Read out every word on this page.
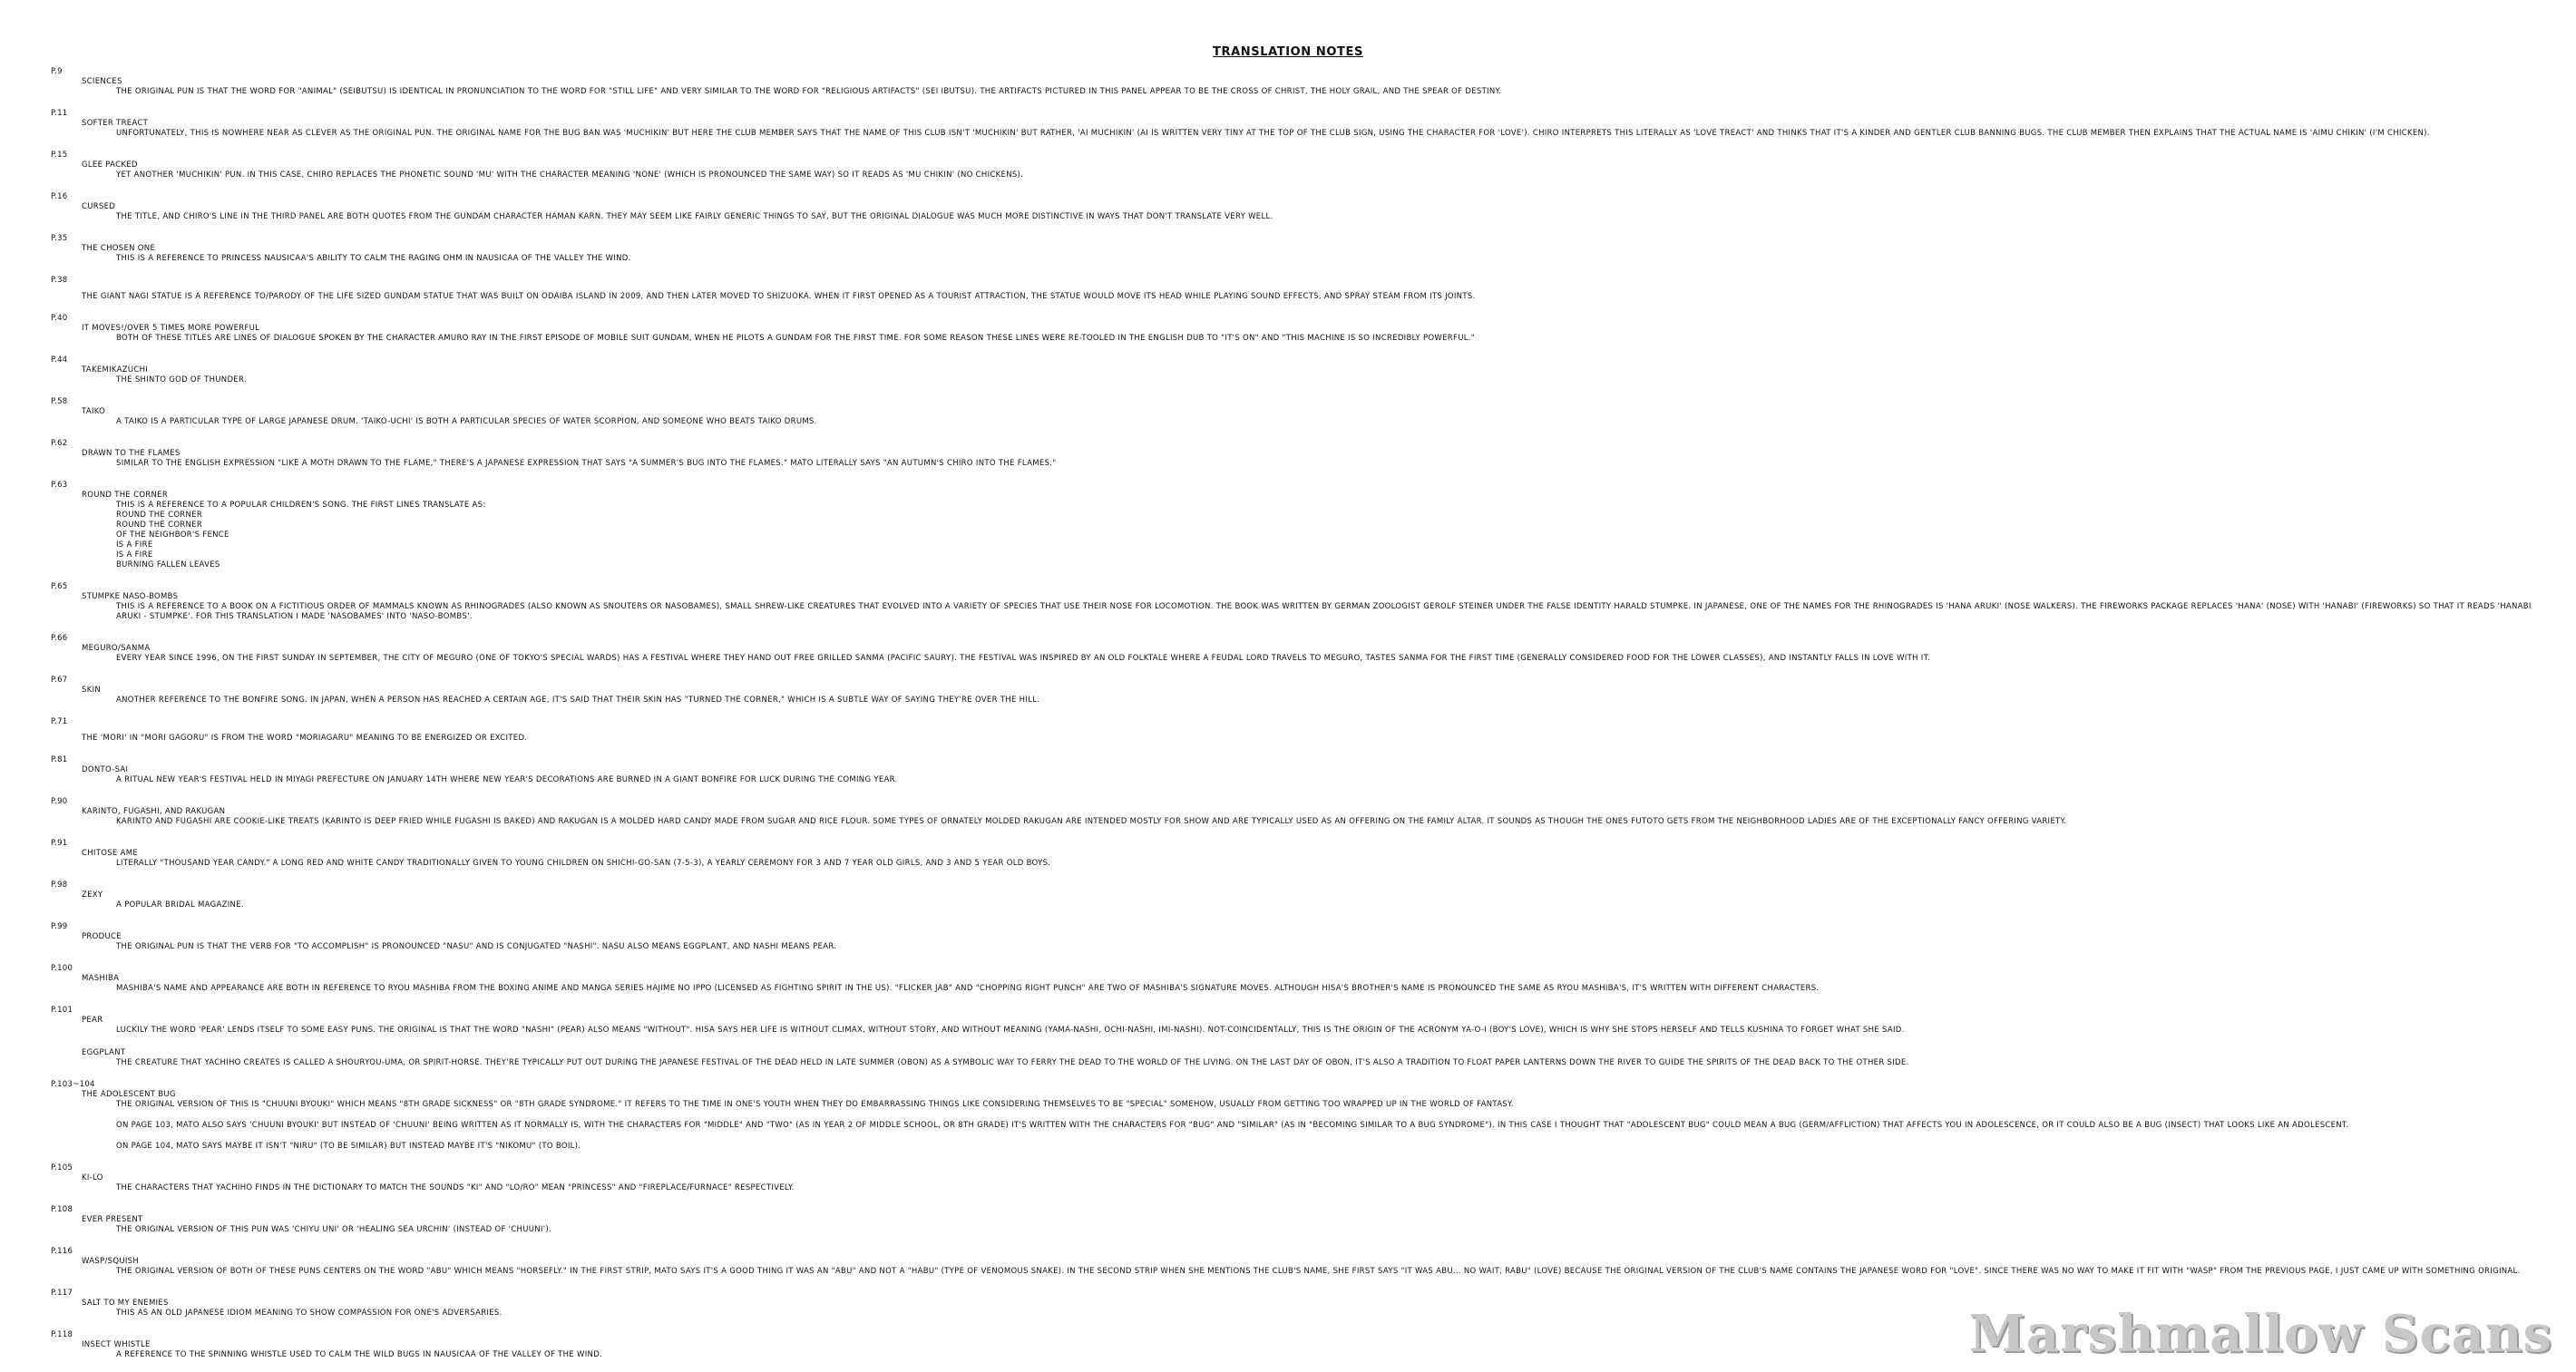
TRANSLATION NOTES
P.9
SCIENCES
THE ORIGINAL PUN IS THAT THE WORD FOR "ANIMAL" (SEIBUTSU) IS IDENTICAL IN PRONUNCIATION TO THE WORD FOR "STILL LIFE" AND VERY SIMILAR TO THE WORD FOR "RELIGIOUS ARTIFACTS" (SEI IBUTSU). THE ARTIFACTS PICTURED IN THIS PANEL APPEAR TO BE THE CROSS OF CHRIST, THE HOLY GRAIL, AND THE SPEAR OF DESTINY.
P.11
SOFTER TREACT
UNFORTUNATELY, THIS IS NOWHERE NEAR AS CLEVER AS THE ORIGINAL PUN. THE ORIGINAL NAME FOR THE BUG BAN WAS 'MUCHIKIN' BUT HERE THE CLUB MEMBER SAYS THAT THE NAME OF THIS CLUB ISN'T 'MUCHIKIN' BUT RATHER, 'AI MUCHIKIN' (AI IS WRITTEN VERY TINY AT THE TOP OF THE CLUB SIGN, USING THE CHARACTER FOR 'LOVE'). CHIRO INTERPRETS THIS LITERALLY AS 'LOVE TREACT' AND THINKS THAT IT'S A KINDER AND GENTLER CLUB BANNING BUGS. THE CLUB MEMBER THEN EXPLAINS THAT THE ACTUAL NAME IS 'AIMU CHIKIN' (I'M CHICKEN).
P.15
GLEE PACKED
YET ANOTHER 'MUCHIKIN' PUN. IN THIS CASE, CHIRO REPLACES THE PHONETIC SOUND 'MU' WITH THE CHARACTER MEANING 'NONE' (WHICH IS PRONOUNCED THE SAME WAY) SO IT READS AS 'MU CHIKIN' (NO CHICKENS).
P.16
CURSED
THE TITLE, AND CHIRO'S LINE IN THE THIRD PANEL ARE BOTH QUOTES FROM THE GUNDAM CHARACTER HAMAN KARN. THEY MAY SEEM LIKE FAIRLY GENERIC THINGS TO SAY, BUT THE ORIGINAL DIALOGUE WAS MUCH MORE DISTINCTIVE IN WAYS THAT DON'T TRANSLATE VERY WELL.
P.35
THE CHOSEN ONE
THIS IS A REFERENCE TO PRINCESS NAUSICAA'S ABILITY TO CALM THE RAGING OHM IN NAUSICAA OF THE VALLEY THE WIND.
P.38
THE GIANT NAGI STATUE IS A REFERENCE TO/PARODY OF THE LIFE SIZED GUNDAM STATUE THAT WAS BUILT ON ODAIBA ISLAND IN 2009, AND THEN LATER MOVED TO SHIZUOKA. WHEN IT FIRST OPENED AS A TOURIST ATTRACTION, THE STATUE WOULD MOVE ITS HEAD WHILE PLAYING SOUND EFFECTS, AND SPRAY STEAM FROM ITS JOINTS.
P.40
IT MOVES!/OVER 5 TIMES MORE POWERFUL
BOTH OF THESE TITLES ARE LINES OF DIALOGUE SPOKEN BY THE CHARACTER AMURO RAY IN THE FIRST EPISODE OF MOBILE SUIT GUNDAM, WHEN HE PILOTS A GUNDAM FOR THE FIRST TIME. FOR SOME REASON THESE LINES WERE RE-TOOLED IN THE ENGLISH DUB TO "IT'S ON" AND "THIS MACHINE IS SO INCREDIBLY POWERFUL."
P.44
TAKEMIKAZUCHI
THE SHINTO GOD OF THUNDER.
P.58
TAIKO
A TAIKO IS A PARTICULAR TYPE OF LARGE JAPANESE DRUM. 'TAIKO-UCHI' IS BOTH A PARTICULAR SPECIES OF WATER SCORPION, AND SOMEONE WHO BEATS TAIKO DRUMS.
P.62
DRAWN TO THE FLAMES
SIMILAR TO THE ENGLISH EXPRESSION "LIKE A MOTH DRAWN TO THE FLAME," THERE'S A JAPANESE EXPRESSION THAT SAYS "A SUMMER'S BUG INTO THE FLAMES." MATO LITERALLY SAYS "AN AUTUMN'S CHIRO INTO THE FLAMES."
P.63
ROUND THE CORNER
THIS IS A REFERENCE TO A POPULAR CHILDREN'S SONG. THE FIRST LINES TRANSLATE AS:
ROUND THE CORNER
ROUND THE CORNER
OF THE NEIGHBOR'S FENCE
IS A FIRE
IS A FIRE
BURNING FALLEN LEAVES
P.65
STUMPKE NASO-BOMBS
THIS IS A REFERENCE TO A BOOK ON A FICTITIOUS ORDER OF MAMMALS KNOWN AS RHINOGRADES (ALSO KNOWN AS SNOUTERS OR NASOBAMES), SMALL SHREW-LIKE CREATURES THAT EVOLVED INTO A VARIETY OF SPECIES THAT USE THEIR NOSE FOR LOCOMOTION. THE BOOK WAS WRITTEN BY GERMAN ZOOLOGIST GEROLF STEINER UNDER THE FALSE IDENTITY HARALD STUMPKE. IN JAPANESE, ONE OF THE NAMES FOR THE RHINOGRADES IS 'HANA ARUKI' (NOSE WALKERS). THE FIREWORKS PACKAGE REPLACES 'HANA' (NOSE) WITH 'HANABI' (FIREWORKS) SO THAT IT READS 'HANABI ARUKI - STUMPKE'. FOR THIS TRANSLATION I MADE 'NASOBAMES' INTO 'NASO-BOMBS'.
P.66
MEGURO/SANMA
EVERY YEAR SINCE 1996, ON THE FIRST SUNDAY IN SEPTEMBER, THE CITY OF MEGURO (ONE OF TOKYO'S SPECIAL WARDS) HAS A FESTIVAL WHERE THEY HAND OUT FREE GRILLED SANMA (PACIFIC SAURY). THE FESTIVAL WAS INSPIRED BY AN OLD FOLKTALE WHERE A FEUDAL LORD TRAVELS TO MEGURO, TASTES SANMA FOR THE FIRST TIME (GENERALLY CONSIDERED FOOD FOR THE LOWER CLASSES), AND INSTANTLY FALLS IN LOVE WITH IT.
P.67
SKIN
ANOTHER REFERENCE TO THE BONFIRE SONG. IN JAPAN, WHEN A PERSON HAS REACHED A CERTAIN AGE, IT'S SAID THAT THEIR SKIN HAS "TURNED THE CORNER," WHICH IS A SUBTLE WAY OF SAYING THEY'RE OVER THE HILL.
P.71
THE 'MORI' IN "MORI GAGORU" IS FROM THE WORD "MORIAGARU" MEANING TO BE ENERGIZED OR EXCITED.
P.81
DONTO-SAI
A RITUAL NEW YEAR'S FESTIVAL HELD IN MIYAGI PREFECTURE ON JANUARY 14TH WHERE NEW YEAR'S DECORATIONS ARE BURNED IN A GIANT BONFIRE FOR LUCK DURING THE COMING YEAR.
P.90
KARINTO, FUGASHI, AND RAKUGAN
KARINTO AND FUGASHI ARE COOKIE-LIKE TREATS (KARINTO IS DEEP FRIED WHILE FUGASHI IS BAKED) AND RAKUGAN IS A MOLDED HARD CANDY MADE FROM SUGAR AND RICE FLOUR. SOME TYPES OF ORNATELY MOLDED RAKUGAN ARE INTENDED MOSTLY FOR SHOW AND ARE TYPICALLY USED AS AN OFFERING ON THE FAMILY ALTAR. IT SOUNDS AS THOUGH THE ONES FUTOTO GETS FROM THE NEIGHBORHOOD LADIES ARE OF THE EXCEPTIONALLY FANCY OFFERING VARIETY.
P.91
CHITOSE AME
LITERALLY "THOUSAND YEAR CANDY." A LONG RED AND WHITE CANDY TRADITIONALLY GIVEN TO YOUNG CHILDREN ON SHICHI-GO-SAN (7-5-3), A YEARLY CEREMONY FOR 3 AND 7 YEAR OLD GIRLS, AND 3 AND 5 YEAR OLD BOYS.
P.98
ZEXY
A POPULAR BRIDAL MAGAZINE.
P.99
PRODUCE
THE ORIGINAL PUN IS THAT THE VERB FOR "TO ACCOMPLISH" IS PRONOUNCED "NASU" AND IS CONJUGATED "NASHI". NASU ALSO MEANS EGGPLANT, AND NASHI MEANS PEAR.
P.100
MASHIBA
MASHIBA'S NAME AND APPEARANCE ARE BOTH IN REFERENCE TO RYOU MASHIBA FROM THE BOXING ANIME AND MANGA SERIES HAJIME NO IPPO (LICENSED AS FIGHTING SPIRIT IN THE US). "FLICKER JAB" AND "CHOPPING RIGHT PUNCH" ARE TWO OF MASHIBA'S SIGNATURE MOVES. ALTHOUGH HISA'S BROTHER'S NAME IS PRONOUNCED THE SAME AS RYOU MASHIBA'S, IT'S WRITTEN WITH DIFFERENT CHARACTERS.
P.101
PEAR
LUCKILY THE WORD 'PEAR' LENDS ITSELF TO SOME EASY PUNS. THE ORIGINAL IS THAT THE WORD "NASHI" (PEAR) ALSO MEANS "WITHOUT". HISA SAYS HER LIFE IS WITHOUT CLIMAX, WITHOUT STORY, AND WITHOUT MEANING (YAMA-NASHI, OCHI-NASHI, IMI-NASHI). NOT-COINCIDENTALLY, THIS IS THE ORIGIN OF THE ACRONYM YA-O-I (BOY'S LOVE), WHICH IS WHY SHE STOPS HERSELF AND TELLS KUSHINA TO FORGET WHAT SHE SAID.
EGGPLANT
THE CREATURE THAT YACHIHO CREATES IS CALLED A SHOURYOU-UMA, OR SPIRIT-HORSE. THEY'RE TYPICALLY PUT OUT DURING THE JAPANESE FESTIVAL OF THE DEAD HELD IN LATE SUMMER (OBON) AS A SYMBOLIC WAY TO FERRY THE DEAD TO THE WORLD OF THE LIVING. ON THE LAST DAY OF OBON, IT'S ALSO A TRADITION TO FLOAT PAPER LANTERNS DOWN THE RIVER TO GUIDE THE SPIRITS OF THE DEAD BACK TO THE OTHER SIDE.
P.103~104
THE ADOLESCENT BUG
THE ORIGINAL VERSION OF THIS IS "CHUUNI BYOUKI" WHICH MEANS "8TH GRADE SICKNESS" OR "8TH GRADE SYNDROME." IT REFERS TO THE TIME IN ONE'S YOUTH WHEN THEY DO EMBARRASSING THINGS LIKE CONSIDERING THEMSELVES TO BE "SPECIAL" SOMEHOW, USUALLY FROM GETTING TOO WRAPPED UP IN THE WORLD OF FANTASY.
ON PAGE 103, MATO ALSO SAYS 'CHUUNI BYOUKI' BUT INSTEAD OF 'CHUUNI' BEING WRITTEN AS IT NORMALLY IS, WITH THE CHARACTERS FOR "MIDDLE" AND "TWO" (AS IN YEAR 2 OF MIDDLE SCHOOL, OR 8TH GRADE) IT'S WRITTEN WITH THE CHARACTERS FOR "BUG" AND "SIMILAR" (AS IN "BECOMING SIMILAR TO A BUG SYNDROME"). IN THIS CASE I THOUGHT THAT "ADOLESCENT BUG" COULD MEAN A BUG (GERM/AFFLICTION) THAT AFFECTS YOU IN ADOLESCENCE, OR IT COULD ALSO BE A BUG (INSECT) THAT LOOKS LIKE AN ADOLESCENT.
ON PAGE 104, MATO SAYS MAYBE IT ISN'T "NIRU" (TO BE SIMILAR) BUT INSTEAD MAYBE IT'S "NIKOMU" (TO BOIL).
P.105
KI-LO
THE CHARACTERS THAT YACHIHO FINDS IN THE DICTIONARY TO MATCH THE SOUNDS "KI" AND "LO/RO" MEAN "PRINCESS" AND "FIREPLACE/FURNACE" RESPECTIVELY.
P.108
EVER PRESENT
THE ORIGINAL VERSION OF THIS PUN WAS 'CHIYU UNI' OR 'HEALING SEA URCHIN' (INSTEAD OF 'CHUUNI').
P.116
WASP/SQUISH
THE ORIGINAL VERSION OF BOTH OF THESE PUNS CENTERS ON THE WORD "ABU" WHICH MEANS "HORSEFLY." IN THE FIRST STRIP, MATO SAYS IT'S A GOOD THING IT WAS AN "ABU" AND NOT A "HABU" (TYPE OF VENOMOUS SNAKE). IN THE SECOND STRIP WHEN SHE MENTIONS THE CLUB'S NAME, SHE FIRST SAYS "IT WAS ABU... NO WAIT, RABU" (LOVE) BECAUSE THE ORIGINAL VERSION OF THE CLUB'S NAME CONTAINS THE JAPANESE WORD FOR "LOVE". SINCE THERE WAS NO WAY TO MAKE IT FIT WITH "WASP" FROM THE PREVIOUS PAGE, I JUST CAME UP WITH SOMETHING ORIGINAL.
P.117
SALT TO MY ENEMIES
THIS AS AN OLD JAPANESE IDIOM MEANING TO SHOW COMPASSION FOR ONE'S ADVERSARIES.
P.118
INSECT WHISTLE
A REFERENCE TO THE SPINNING WHISTLE USED TO CALM THE WILD BUGS IN NAUSICAA OF THE VALLEY OF THE WIND.	Marshmallow Scans
